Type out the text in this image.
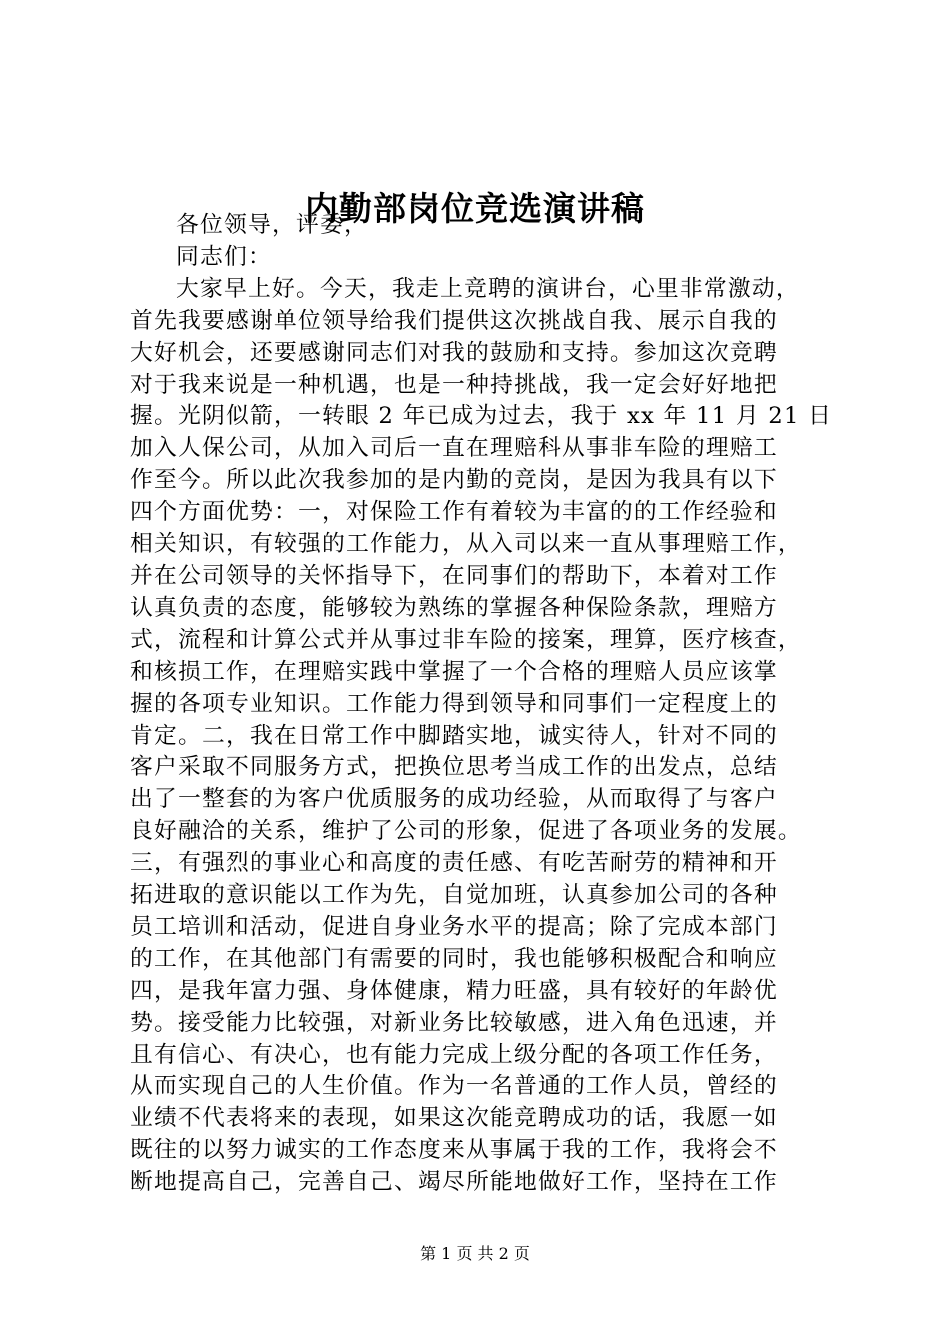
内勤部岗位竞选演讲稿
各位领导，评委，
同志们：
大家早上好。今天，我走上竞聘的演讲台，心里非常激动，
首先我要感谢单位领导给我们提供这次挑战自我、展示自我的
大好机会，还要感谢同志们对我的鼓励和支持。参加这次竞聘
对于我来说是一种机遇，也是一种持挑战，我一定会好好地把
握。光阴似箭，一转眼 2 年已成为过去，我于 xx 年 11 月 21 日
加入人保公司，从加入司后一直在理赔科从事非车险的理赔工
作至今。所以此次我参加的是内勤的竞岗，是因为我具有以下
四个方面优势：一，对保险工作有着较为丰富的的工作经验和
相关知识，有较强的工作能力，从入司以来一直从事理赔工作，
并在公司领导的关怀指导下，在同事们的帮助下，本着对工作
认真负责的态度，能够较为熟练的掌握各种保险条款，理赔方
式，流程和计算公式并从事过非车险的接案，理算，医疗核查，
和核损工作，在理赔实践中掌握了一个合格的理赔人员应该掌
握的各项专业知识。工作能力得到领导和同事们一定程度上的
肯定。二，我在日常工作中脚踏实地，诚实待人，针对不同的
客户采取不同服务方式，把换位思考当成工作的出发点，总结
出了一整套的为客户优质服务的成功经验，从而取得了与客户
良好融洽的关系，维护了公司的形象，促进了各项业务的发展。
三，有强烈的事业心和高度的责任感、有吃苦耐劳的精神和开
拓进取的意识能以工作为先，自觉加班，认真参加公司的各种
员工培训和活动，促进自身业务水平的提高；除了完成本部门
的工作，在其他部门有需要的同时，我也能够积极配合和响应
四，是我年富力强、身体健康，精力旺盛，具有较好的年龄优
势。接受能力比较强，对新业务比较敏感，进入角色迅速，并
且有信心、有决心，也有能力完成上级分配的各项工作任务，
从而实现自己的人生价值。作为一名普通的工作人员，曾经的
业绩不代表将来的表现，如果这次能竞聘成功的话，我愿一如
既往的以努力诚实的工作态度来从事属于我的工作，我将会不
断地提高自己，完善自己、竭尽所能地做好工作，坚持在工作
第 1 页 共 2 页
